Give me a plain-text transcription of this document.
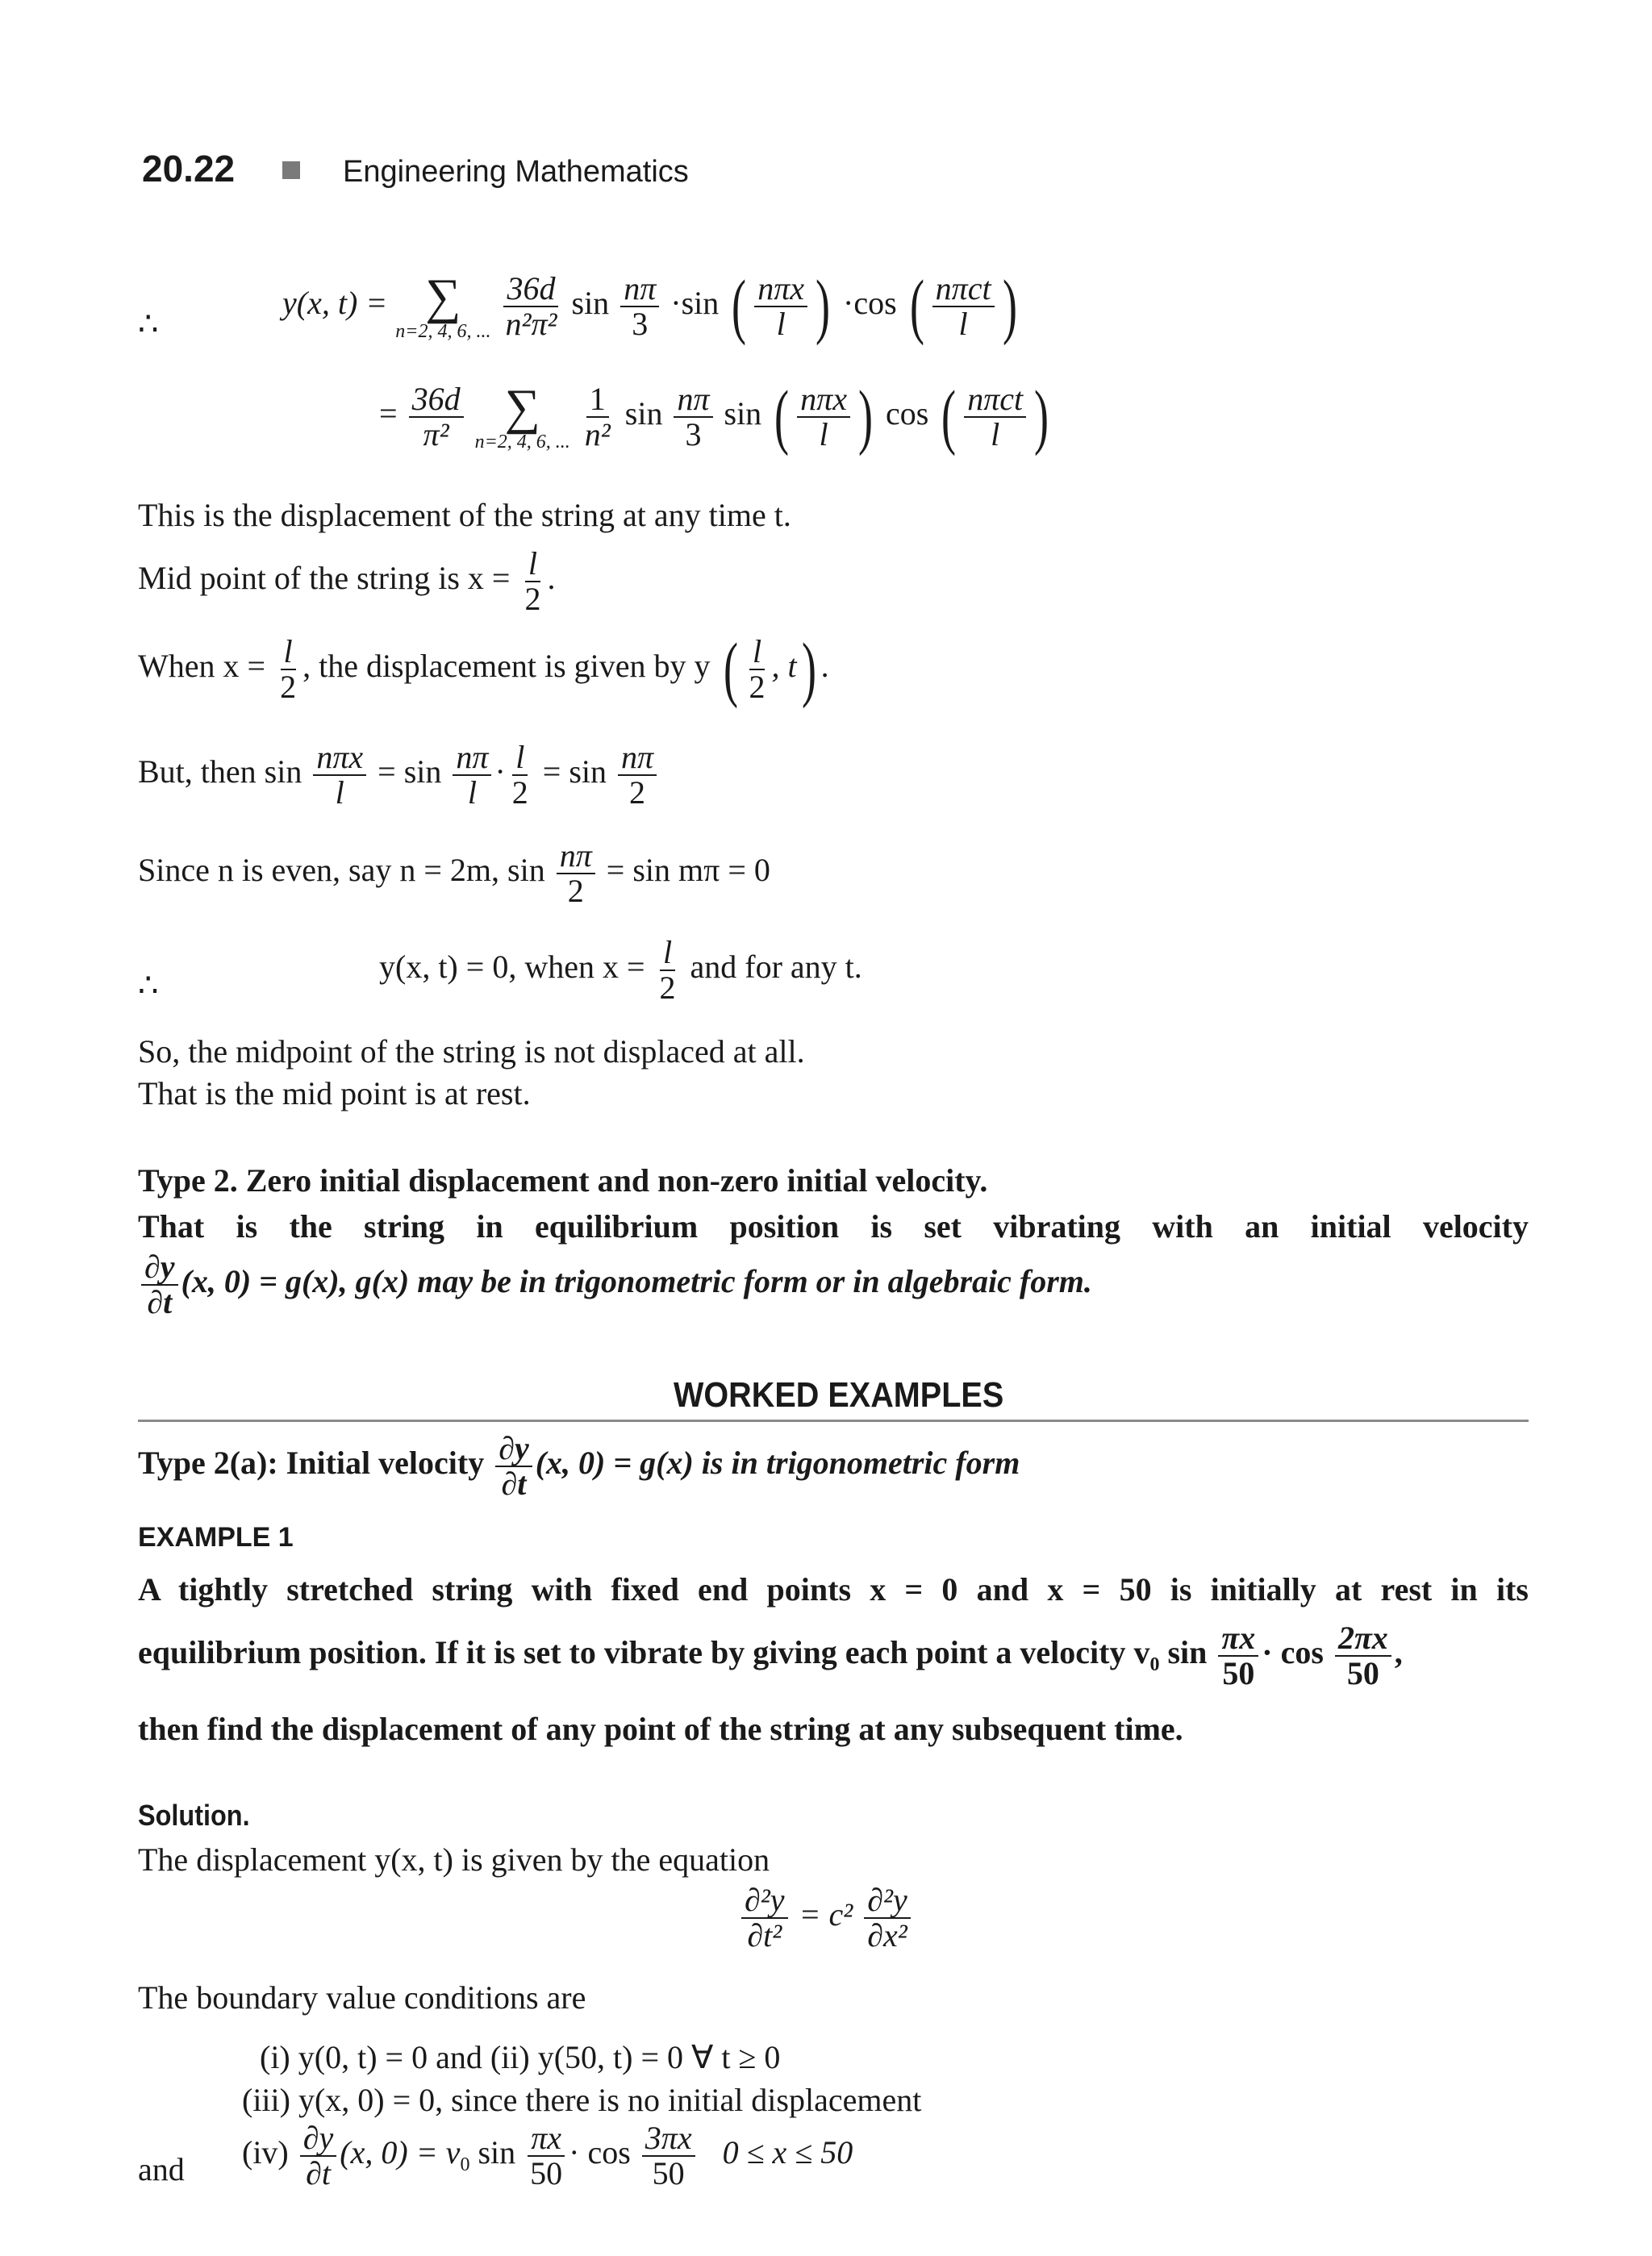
20.22	Engineering Mathematics
∴
y(x, t) = ∑
n=2, 4, 6, ...
$\frac{36d}{\text{n²π²}}$ $\sin \frac{n\pi}{3} \cdot\sin$ ( $\frac{\text{nπx}}{l}$ ) ·cos ( $\frac{\text{nπct}}{l}$ )
= $\frac{36d}{\text{π²}}$
∑
n=2, 4, 6, ...
$\frac{1}{\text{n²}}$ $\sin \frac{n\pi}{3}$ sin ( $\frac{\text{nπx}}{l}$ ) cos ( $\frac{\text{nπct}}{l}$ )
This is the displacement of the string at any time t.
Mid point of the string is $x = \frac{l}{2}$ .
When $x = \frac{l}{2}$ , the displacement is given by y ( $\frac{l}{2}$ , t) .
But, then $\sin \frac{\text{nπx}}{l} = \sin \frac{n\pi}{l} \cdot \frac{l}{2} = \sin \frac{n\pi}{2}$
Since n is even, say n = 2m, $\sin \frac{n\pi}{2} = \sin m\pi = 0$
∴
y(x, t) = 0, when $x = \frac{l}{2}$ and for any t.
So, the midpoint of the string is not displaced at all.
That is the mid point is at rest.
Type 2. Zero initial displacement and non-zero initial velocity.
That is the string in equilibrium position is set vibrating with an initial velocity
$\frac{\partial y}{\partial t} (x$, 0) = g(x), g(x) may be in trigonometric form or in algebraic form.
WORKED EXAMPLES
Type 2(a): Initial velocity $\frac{\partial y}{\partial t} (x$, 0) = g(x) is in trigonometric form
EXAMPLE 1
A tightly stretched string with fixed end points x = 0 and x = 50 is initially at rest in its
equilibrium position. If it is set to vibrate by giving each point a velocity $v_0$ $\sin \frac{\pi x}{50} \cdot \cos \frac{2\pi x}{50}$ ,
then find the displacement of any point of the string at any subsequent time.
Solution.
The displacement y(x, t) is given by the equation
$\frac{\text{∂²y}}{\text{∂t²}} = c^2 \frac{\text{∂²y}}{\text{∂x²}}$
The boundary value conditions are
(i) y(0, t) = 0 and (ii) y(50, t) = 0 ∀ t ≥ 0
(iii) y(x, 0) = 0, since there is no initial displacement
and $(iv) \frac{\partial y}{\partial t} (x$, $0) = v_0$ $\sin \frac{\pi x}{50} \cdot \cos \frac{3\pi x}{50} 0 \le x \le 50$
